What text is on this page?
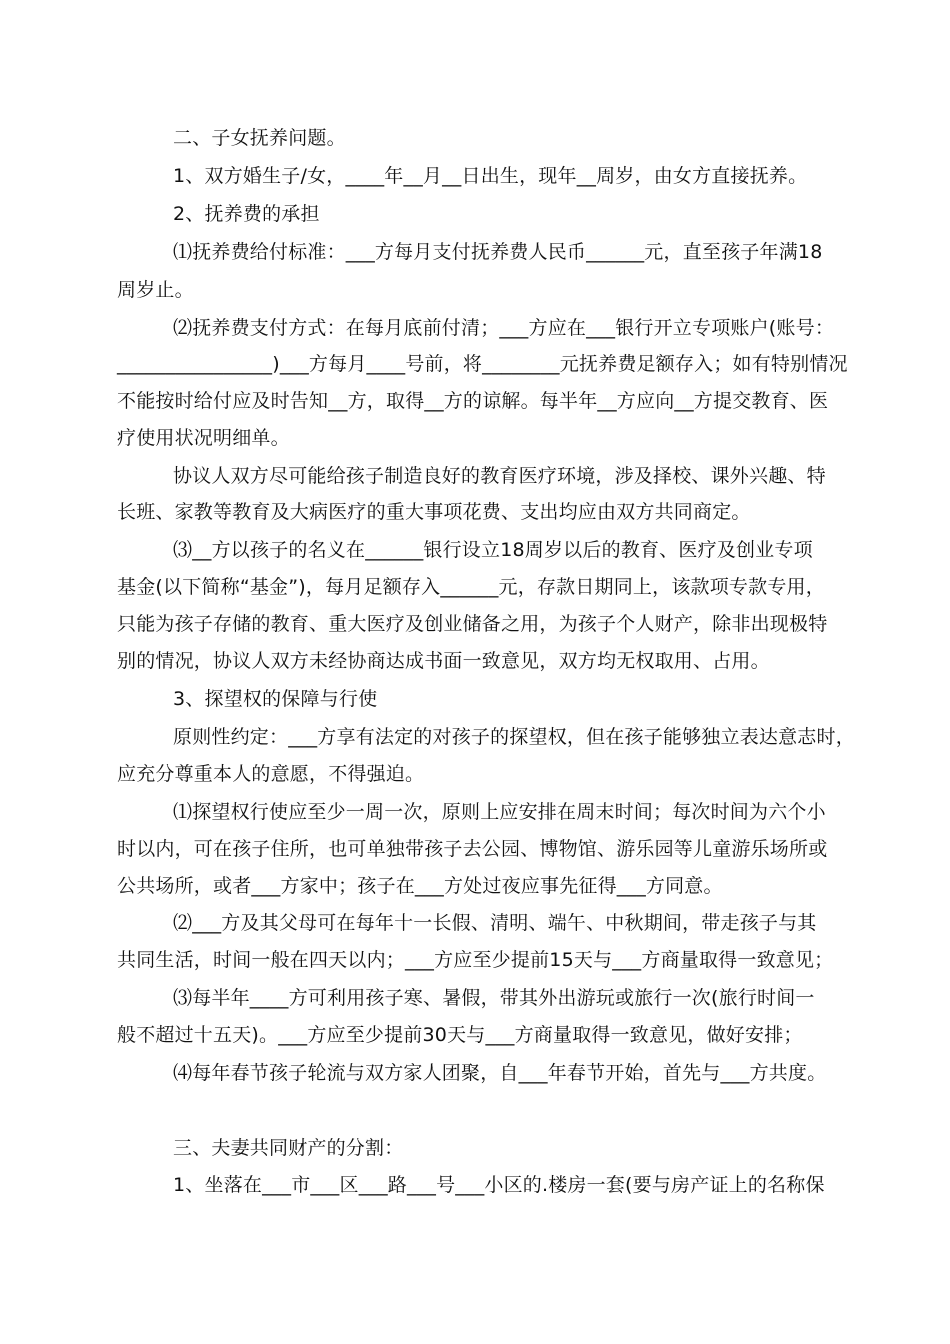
二、子女抚养问题。
1、双方婚生子/女，____年__月__日出生，现年__周岁，由女方直接抚养。
2、抚养费的承担
⑴抚养费给付标准：___方每月支付抚养费人民币______元，直至孩子年满18
周岁止。
⑵抚养费支付方式：在每月底前付清；___方应在___银行开立专项账户(账号：
________________)___方每月____号前，将________元抚养费足额存入；如有特别情况
不能按时给付应及时告知__方，取得__方的谅解。每半年__方应向__方提交教育、医
疗使用状况明细单。
协议人双方尽可能给孩子制造良好的教育医疗环境，涉及择校、课外兴趣、特
长班、家教等教育及大病医疗的重大事项花费、支出均应由双方共同商定。
⑶__方以孩子的名义在______银行设立18周岁以后的教育、医疗及创业专项
基金(以下简称“基金”)，每月足额存入______元，存款日期同上，该款项专款专用，
只能为孩子存储的教育、重大医疗及创业储备之用，为孩子个人财产，除非出现极特
别的情况，协议人双方未经协商达成书面一致意见，双方均无权取用、占用。
3、探望权的保障与行使
原则性约定：___方享有法定的对孩子的探望权，但在孩子能够独立表达意志时，
应充分尊重本人的意愿，不得强迫。
⑴探望权行使应至少一周一次，原则上应安排在周末时间；每次时间为六个小
时以内，可在孩子住所，也可单独带孩子去公园、博物馆、游乐园等儿童游乐场所或
公共场所，或者___方家中；孩子在___方处过夜应事先征得___方同意。
⑵___方及其父母可在每年十一长假、清明、端午、中秋期间，带走孩子与其
共同生活，时间一般在四天以内；___方应至少提前15天与___方商量取得一致意见；
⑶每半年____方可利用孩子寒、暑假，带其外出游玩或旅行一次(旅行时间一
般不超过十五天)。___方应至少提前30天与___方商量取得一致意见，做好安排；
⑷每年春节孩子轮流与双方家人团聚，自___年春节开始，首先与___方共度。
三、夫妻共同财产的分割：
1、坐落在___市___区___路___号___小区的.楼房一套(要与房产证上的名称保
